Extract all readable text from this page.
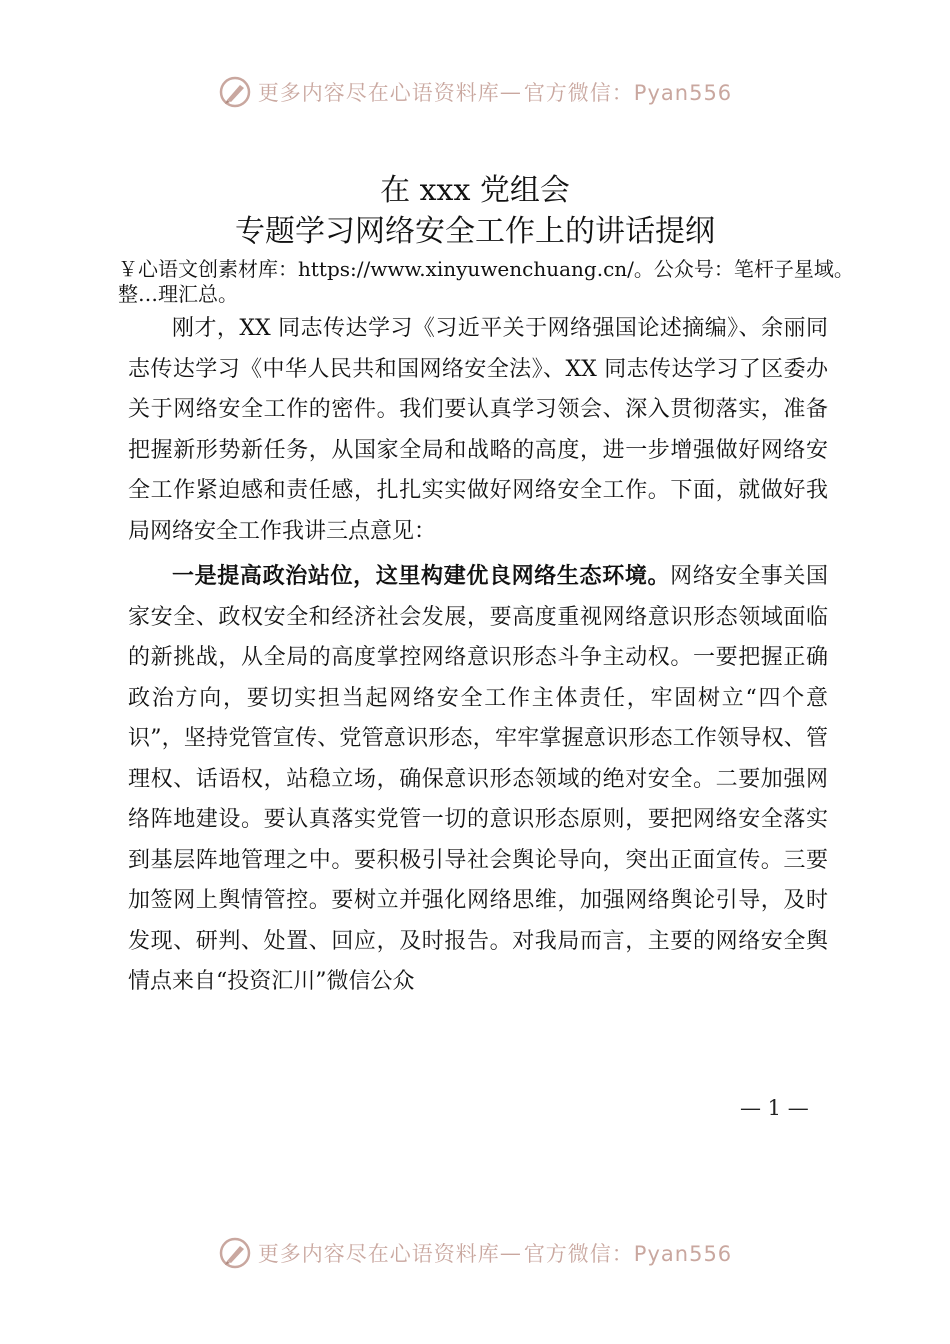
更多内容尽在心语资料库 — 官方微信：Pyan556
在 xxx 党组会
专题学习网络安全工作上的讲话提纲
￥心语文创素材库：https://www.xinyuwenchuang.cn/。公众号：笔杆子星域。整…理汇总。

刚才，XX 同志传达学习《习近平关于网络强国论述摘编》、余丽同志传达学习《中华人民共和国网络安全法》、XX 同志传达学习了区委办关于网络安全工作的密件。我们要认真学习领会、深入贯彻落实，准备把握新形势新任务，从国家全局和战略的高度，进一步增强做好网络安全工作紧迫感和责任感，扎扎实实做好网络安全工作。下面，就做好我局网络安全工作我讲三点意见：

一是提高政治站位，这里构建优良网络生态环境。网络安全事关国家安全、政权安全和经济社会发展，要高度重视网络意识形态领域面临的新挑战，从全局的高度掌控网络意识形态斗争主动权。一要把握正确政治方向，要切实担当起网络安全工作主体责任，牢固树立“四个意识”，坚持党管宣传、党管意识形态，牢牢掌握意识形态工作领导权、管理权、话语权，站稳立场，确保意识形态领域的绝对安全。二要加强网络阵地建设。要认真落实党管一切的意识形态原则，要把网络安全落实到基层阵地管理之中。要积极引导社会舆论导向，突出正面宣传。三要加签网上舆情管控。要树立并强化网络思维，加强网络舆论引导，及时发现、研判、处置、回应，及时报告。对我局而言，主要的网络安全舆情点来自“投资汇川”微信公众

— 1 —
更多内容尽在心语资料库 — 官方微信：Pyan556
